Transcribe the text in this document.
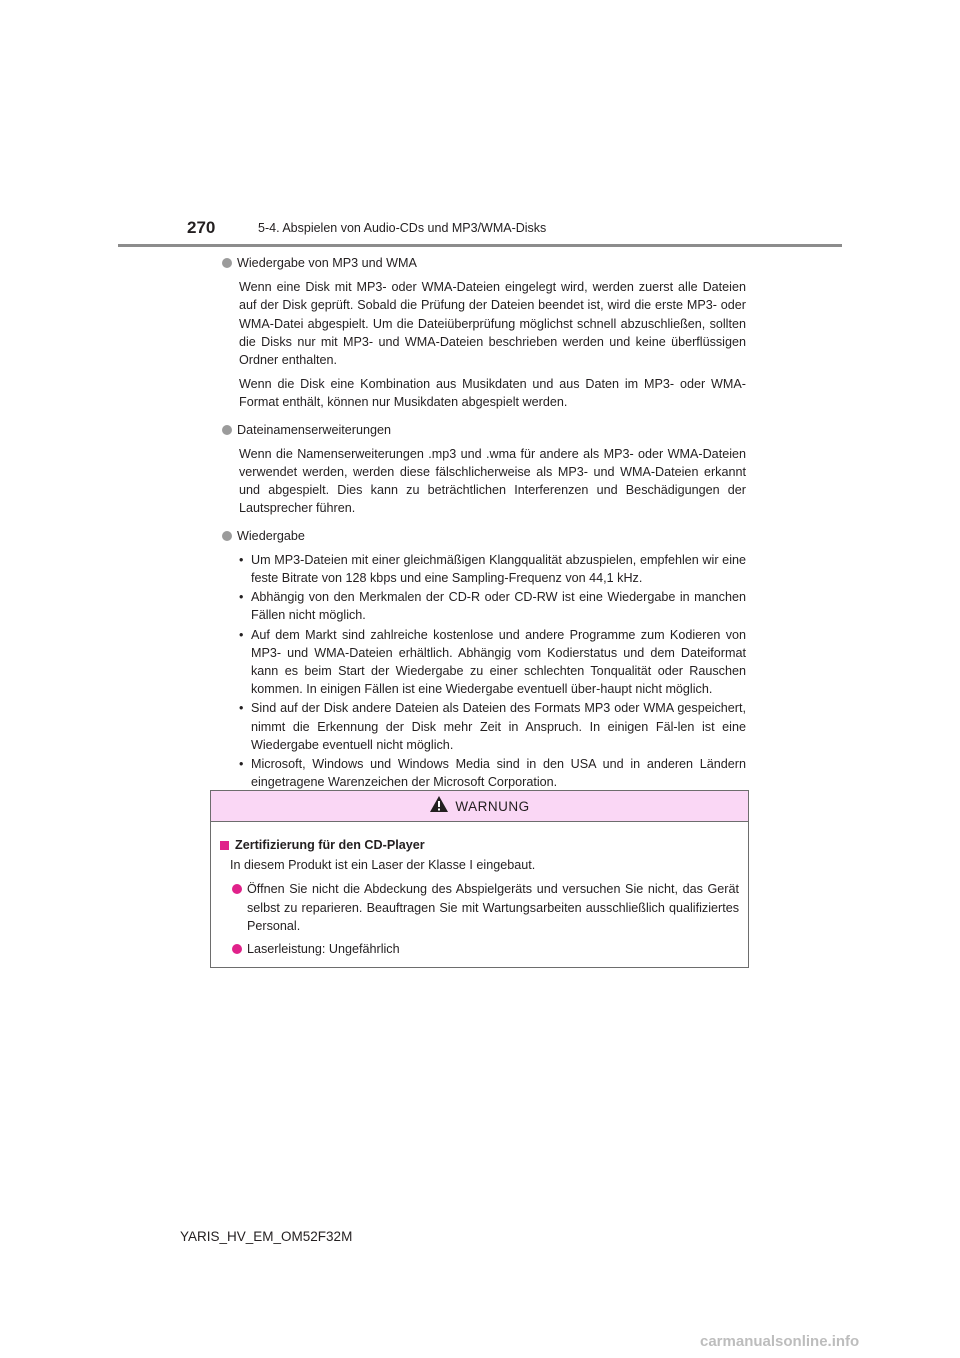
270	5-4. Abspielen von Audio-CDs und MP3/WMA-Disks
Wiedergabe von MP3 und WMA

Wenn eine Disk mit MP3- oder WMA-Dateien eingelegt wird, werden zuerst alle Dateien auf der Disk geprüft. Sobald die Prüfung der Dateien beendet ist, wird die erste MP3- oder WMA-Datei abgespielt. Um die Dateiüberprüfung möglichst schnell abzuschließen, sollten die Disks nur mit MP3- und WMA-Dateien beschrieben werden und keine überflüssigen Ordner enthalten.

Wenn die Disk eine Kombination aus Musikdaten und aus Daten im MP3- oder WMA-Format enthält, können nur Musikdaten abgespielt werden.

Dateinamenserweiterungen

Wenn die Namenserweiterungen .mp3 und .wma für andere als MP3- oder WMA-Dateien verwendet werden, werden diese fälschlicherweise als MP3- und WMA-Dateien erkannt und abgespielt. Dies kann zu beträchtlichen Interferenzen und Beschädigungen der Lautsprecher führen.

Wiedergabe
• Um MP3-Dateien mit einer gleichmäßigen Klangqualität abzuspielen, empfehlen wir eine feste Bitrate von 128 kbps und eine Sampling-Frequenz von 44,1 kHz.
• Abhängig von den Merkmalen der CD-R oder CD-RW ist eine Wiedergabe in manchen Fällen nicht möglich.
• Auf dem Markt sind zahlreiche kostenlose und andere Programme zum Kodieren von MP3- und WMA-Dateien erhältlich. Abhängig vom Kodierstatus und dem Dateiformat kann es beim Start der Wiedergabe zu einer schlechten Tonqualität oder Rauschen kommen. In einigen Fällen ist eine Wiedergabe eventuell über-haupt nicht möglich.
• Sind auf der Disk andere Dateien als Dateien des Formats MP3 oder WMA gespeichert, nimmt die Erkennung der Disk mehr Zeit in Anspruch. In einigen Fäl-len ist eine Wiedergabe eventuell nicht möglich.
• Microsoft, Windows und Windows Media sind in den USA und in anderen Ländern eingetragene Warenzeichen der Microsoft Corporation.
WARNUNG
Zertifizierung für den CD-Player
In diesem Produkt ist ein Laser der Klasse I eingebaut.
Öffnen Sie nicht die Abdeckung des Abspielgeräts und versuchen Sie nicht, das Gerät selbst zu reparieren. Beauftragen Sie mit Wartungsarbeiten ausschließlich qualifiziertes Personal.
Laserleistung: Ungefährlich
YARIS_HV_EM_OM52F32M
carmanualsonline.info
